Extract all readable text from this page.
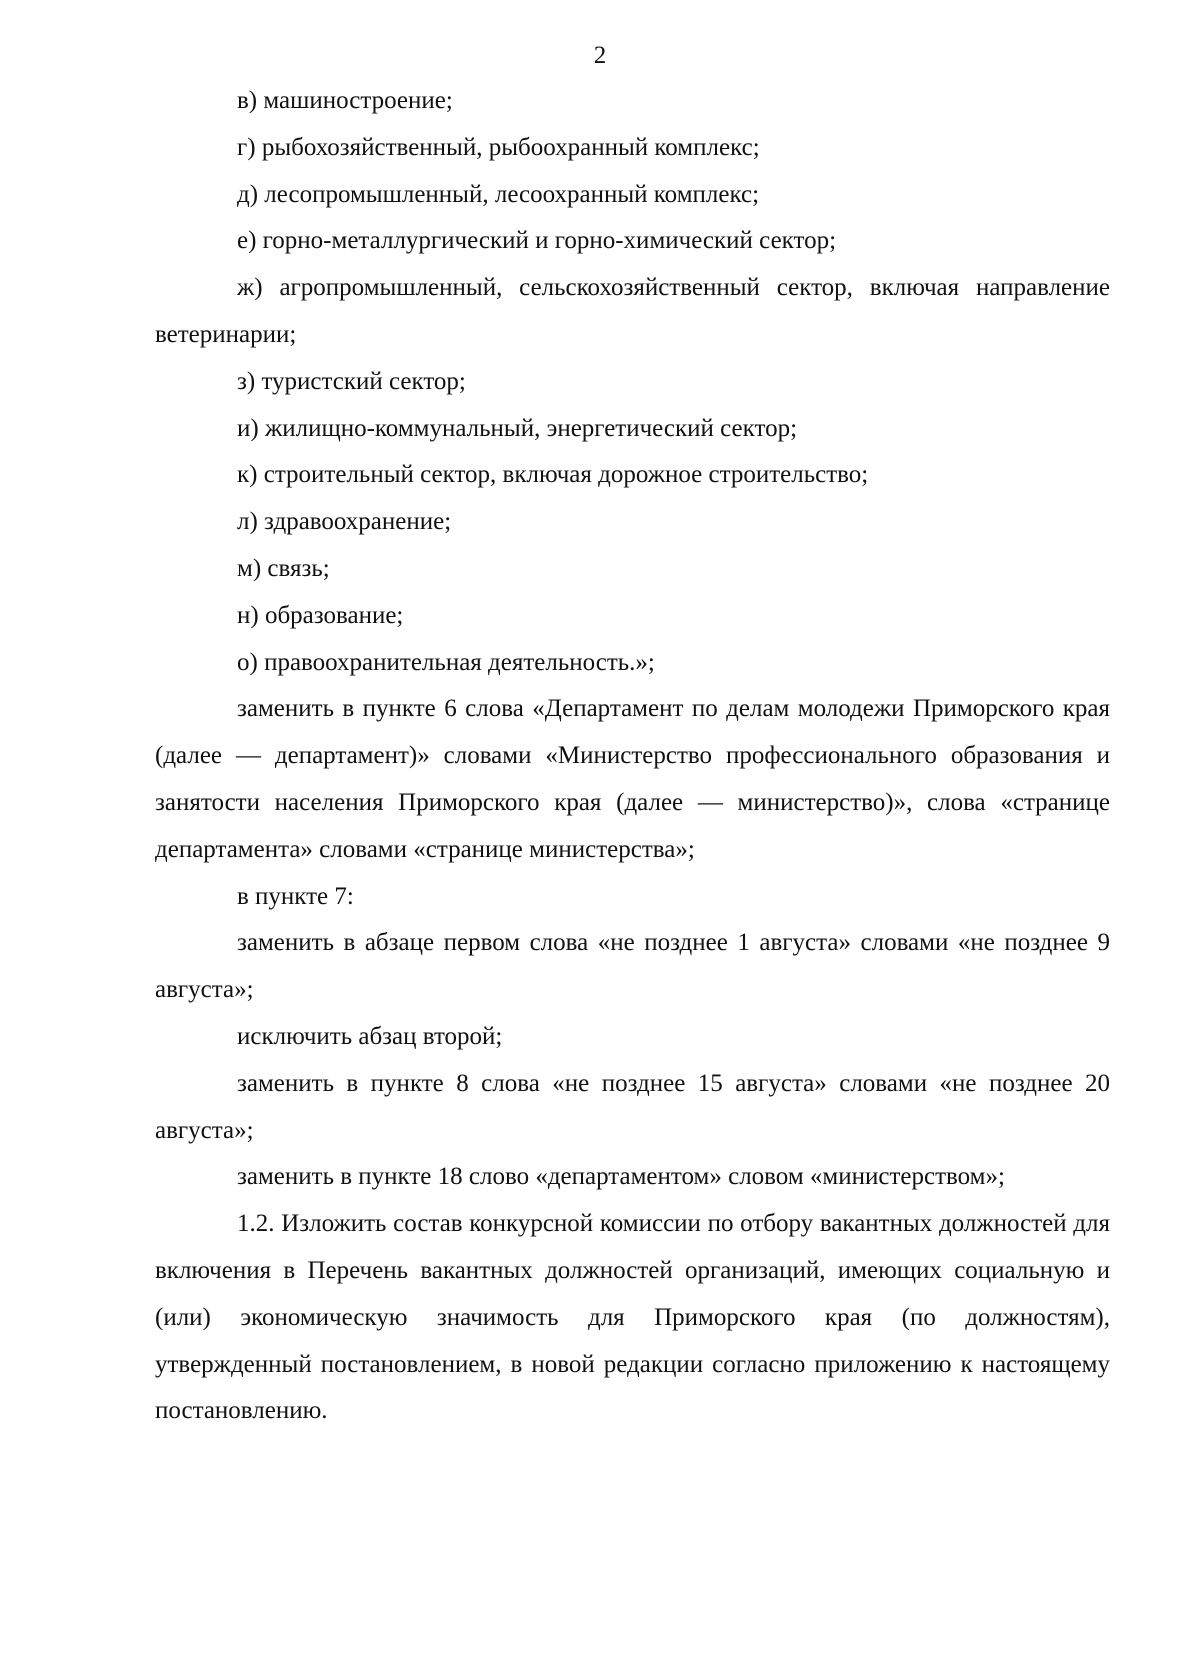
2

в) машиностроение;

г) рыбохозяйственный, рыбоохранный комплекс;

д) лесопромышленный, лесоохранный комплекс;

е) горно-металлургический и горно-химический сектор;

ж) агропромышленный, сельскохозяйственный сектор, включая направление ветеринарии;

з) туристский сектор;

и) жилищно-коммунальный, энергетический сектор;

к) строительный сектор, включая дорожное строительство;

л) здравоохранение;

м) связь;

н) образование;

о) правоохранительная деятельность.»;

заменить в пункте 6 слова «Департамент по делам молодежи Приморского края (далее — департамент)» словами «Министерство профессионального образования и занятости населения Приморского края (далее — министерство)», слова «странице департамента» словами «странице министерства»;

в пункте 7:

заменить в абзаце первом слова «не позднее 1 августа» словами «не позднее 9 августа»;

исключить абзац второй;

заменить в пункте 8 слова «не позднее 15 августа» словами «не позднее 20 августа»;

заменить в пункте 18 слово «департаментом» словом «министерством»;

1.2. Изложить состав конкурсной комиссии по отбору вакантных должностей для включения в Перечень вакантных должностей организаций, имеющих социальную и (или) экономическую значимость для Приморского края (по должностям), утвержденный постановлением, в новой редакции согласно приложению к настоящему постановлению.
